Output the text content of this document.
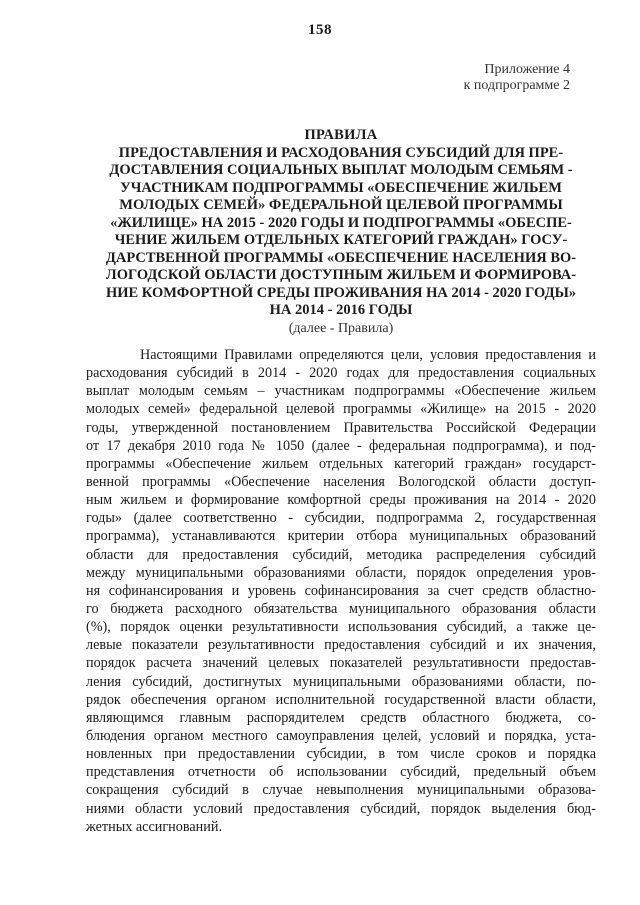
158
Приложение 4
к подпрограмме 2
ПРАВИЛА
ПРЕДОСТАВЛЕНИЯ И РАСХОДОВАНИЯ СУБСИДИЙ ДЛЯ ПРЕ-
ДОСТАВЛЕНИЯ СОЦИАЛЬНЫХ ВЫПЛАТ МОЛОДЫМ СЕМЬЯМ -
УЧАСТНИКАМ ПОДПРОГРАММЫ «ОБЕСПЕЧЕНИЕ ЖИЛЬЕМ
МОЛОДЫХ СЕМЕЙ» ФЕДЕРАЛЬНОЙ ЦЕЛЕВОЙ ПРОГРАММЫ
«ЖИЛИЩЕ» НА 2015 - 2020 ГОДЫ И ПОДПРОГРАММЫ «ОБЕСПЕ-
ЧЕНИЕ ЖИЛЬЕМ ОТДЕЛЬНЫХ КАТЕГОРИЙ ГРАЖДАН» ГОСУ-
ДАРСТВЕННОЙ ПРОГРАММЫ «ОБЕСПЕЧЕНИЕ НАСЕЛЕНИЯ ВО-
ЛОГОДСКОЙ ОБЛАСТИ ДОСТУПНЫМ ЖИЛЬЕМ И ФОРМИРОВА-
НИЕ КОМФОРТНОЙ СРЕДЫ ПРОЖИВАНИЯ НА 2014 - 2020 ГОДЫ»
НА 2014 - 2016 ГОДЫ
(далее - Правила)
Настоящими Правилами определяются цели, условия предоставления и
расходования субсидий в 2014 - 2020 годах для предоставления социальных
выплат молодым семьям – участникам подпрограммы «Обеспечение жильем
молодых семей» федеральной целевой программы «Жилище» на 2015 - 2020
годы, утвержденной постановлением Правительства Российской Федерации
от 17 декабря 2010 года № 1050 (далее - федеральная подпрограмма), и под-
программы «Обеспечение жильем отдельных категорий граждан» государст-
венной программы «Обеспечение населения Вологодской области доступ-
ным жильем и формирование комфортной среды проживания на 2014 - 2020
годы» (далее соответственно - субсидии, подпрограмма 2, государственная
программа), устанавливаются критерии отбора муниципальных образований
области для предоставления субсидий, методика распределения субсидий
между муниципальными образованиями области, порядок определения уров-
ня софинансирования и уровень софинансирования за счет средств областно-
го бюджета расходного обязательства муниципального образования области
(%), порядок оценки результативности использования субсидий, а также це-
левые показатели результативности предоставления субсидий и их значения,
порядок расчета значений целевых показателей результативности предостав-
ления субсидий, достигнутых муниципальными образованиями области, по-
рядок обеспечения органом исполнительной государственной власти области,
являющимся главным распорядителем средств областного бюджета, со-
блюдения органом местного самоуправления целей, условий и порядка, уста-
новленных при предоставлении субсидии, в том числе сроков и порядка
представления отчетности об использовании субсидий, предельный объем
сокращения субсидий в случае невыполнения муниципальными образова-
ниями области условий предоставления субсидий, порядок выделения бюд-
жетных ассигнований.
